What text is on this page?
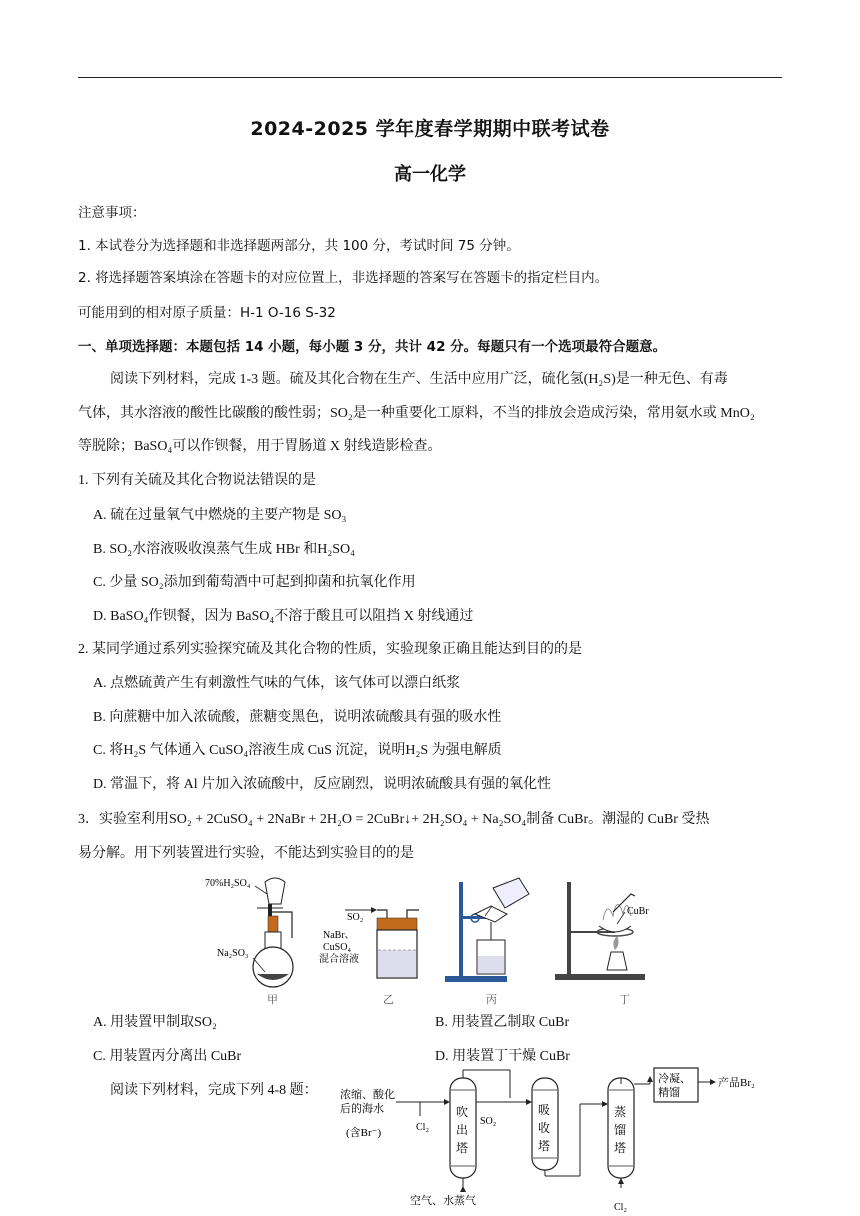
2024-2025 学年度春学期期中联考试卷
高一化学
注意事项：
1. 本试卷分为选择题和非选择题两部分，共 100 分，考试时间 75 分钟。
2. 将选择题答案填涂在答题卡的对应位置上，非选择题的答案写在答题卡的指定栏目内。
可能用到的相对原子质量：H-1 O-16 S-32
一、单项选择题：本题包括 14 小题，每小题 3 分，共计 42 分。每题只有一个选项最符合题意。
阅读下列材料，完成 1-3 题。硫及其化合物在生产、生活中应用广泛，硫化氢(H₂S)是一种无色、有毒
气体，其水溶液的酸性比碳酸的酸性弱；SO₂是一种重要化工原料，不当的排放会造成污染，常用氨水或 MnO₂
等脱除；BaSO₄可以作钡餐，用于胃肠道 X 射线造影检查。
1. 下列有关硫及其化合物说法错误的是
A. 硫在过量氧气中燃烧的主要产物是 SO₃
B. SO₂水溶液吸收溴蒸气生成 HBr 和H₂SO₄
C. 少量 SO₂添加到葡萄酒中可起到抑菌和抗氧化作用
D. BaSO₄作钡餐，因为 BaSO₄不溶于酸且可以阻挡 X 射线通过
2. 某同学通过系列实验探究硫及其化合物的性质，实验现象正确且能达到目的的是
A. 点燃硫黄产生有刺激性气味的气体，该气体可以漂白纸浆
B. 向蔗糖中加入浓硫酸，蔗糖变黑色，说明浓硫酸具有强的吸水性
C. 将H₂S 气体通入 CuSO₄溶液生成 CuS 沉淀，说明H₂S 为强电解质
D. 常温下，将 Al 片加入浓硫酸中，反应剧烈，说明浓硫酸具有强的氧化性
3．实验室利用SO₂ + 2CuSO₄ + 2NaBr + 2H₂O = 2CuBr↓+ 2H₂SO₄ + Na₂SO₄制备 CuBr。潮湿的 CuBr 受热
易分解。用下列装置进行实验，不能达到实验目的的是
70%H₂SO₄
Na₂SO₃
甲
SO₂
NaBr、
CuSO₄
混合溶液
乙	丙
CuBr
丁
A. 用装置甲制取SO₂	B. 用装置乙制取 CuBr
C. 用装置丙分离出 CuBr	D. 用装置丁干燥 CuBr
阅读下列材料，完成下列 4-8 题： 浓缩、酸化
后的海水
(含Br⁻)	Cl₂
吹
出
塔
SO₂
空气、水蒸气
吸
收
塔
蒸
馏
塔
Cl₂
冷凝、
精馏
产品Br₂
